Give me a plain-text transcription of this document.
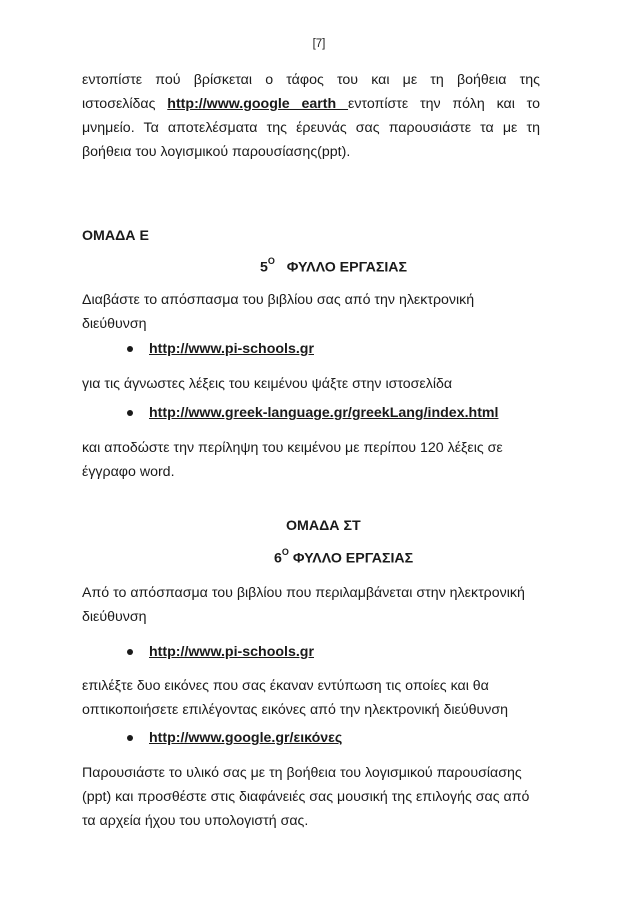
[7]
εντοπίστε πού βρίσκεται ο τάφος του και με τη βοήθεια της
ιστοσελίδας http://www.google earth εντοπίστε την πόλη και το
μνημείο. Τα αποτελέσματα της έρευνάς σας παρουσιάστε τα με τη
βοήθεια του λογισμικού παρουσίασης(ppt).
ΟΜΑΔΑ Ε
$5^O$ ΦΥΛΛΟ ΕΡΓΑΣΙΑΣ
Διαβάστε το απόσπασμα του βιβλίου σας από την ηλεκτρονική
διεύθυνση
http://www.pi-schools.gr
για τις άγνωστες λέξεις του κειμένου ψάξτε στην ιστοσελίδα
http://www.greek-language.gr/greekLang/index.html
και αποδώστε την περίληψη του κειμένου με περίπου 120 λέξεις σε
έγγραφο word.
ΟΜΑΔΑ ΣΤ
$6^O$ ΦΥΛΛΟ ΕΡΓΑΣΙΑΣ
Από το απόσπασμα του βιβλίου που περιλαμβάνεται στην ηλεκτρονική
διεύθυνση
http://www.pi-schools.gr
επιλέξτε δυο εικόνες που σας έκαναν εντύπωση τις οποίες και θα
οπτικοποιήσετε επιλέγοντας εικόνες από την ηλεκτρονική διεύθυνση
http://www.google.gr/εικόνες
Παρουσιάστε το υλικό σας με τη βοήθεια του λογισμικού παρουσίασης
(ppt) και προσθέστε στις διαφάνειές σας μουσική της επιλογής σας από
τα αρχεία ήχου του υπολογιστή σας.
